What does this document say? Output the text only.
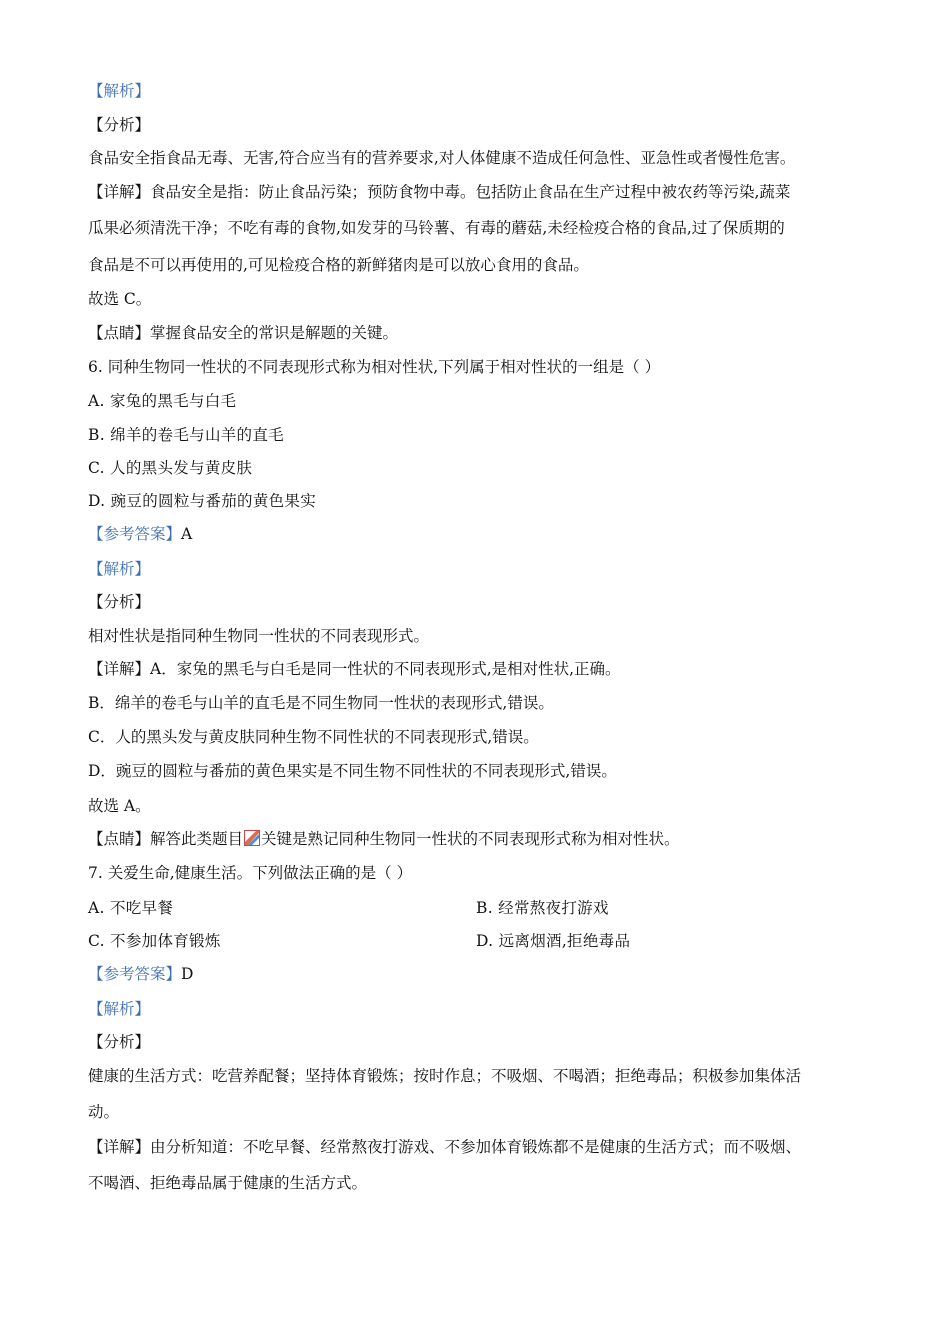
【解析】
【分析】
食品安全指食品无毒、无害,符合应当有的营养要求,对人体健康不造成任何急性、亚急性或者慢性危害。
【详解】食品安全是指：防止食品污染；预防食物中毒。包括防止食品在生产过程中被农药等污染,蔬菜
瓜果必须清洗干净；不吃有毒的食物,如发芽的马铃薯、有毒的蘑菇,未经检疫合格的食品,过了保质期的
食品是不可以再使用的,可见检疫合格的新鲜猪肉是可以放心食用的食品。
故选 C。
【点睛】掌握食品安全的常识是解题的关键。
6. 同种生物同一性状的不同表现形式称为相对性状,下列属于相对性状的一组是（ ）
A. 家兔的黑毛与白毛
B. 绵羊的卷毛与山羊的直毛
C. 人的黑头发与黄皮肤
D. 豌豆的圆粒与番茄的黄色果实
【参考答案】A
【解析】
【分析】
相对性状是指同种生物同一性状的不同表现形式。
【详解】A．家兔的黑毛与白毛是同一性状的不同表现形式,是相对性状,正确。
B．绵羊的卷毛与山羊的直毛是不同生物同一性状的表现形式,错误。
C．人的黑头发与黄皮肤同种生物不同性状的不同表现形式,错误。
D．豌豆的圆粒与番茄的黄色果实是不同生物不同性状的不同表现形式,错误。
故选 A。
【点睛】解答此类题目 关键是熟记同种生物同一性状的不同表现形式称为相对性状。
7. 关爱生命,健康生活。下列做法正确的是（ ）
A. 不吃早餐	B. 经常熬夜打游戏
C. 不参加体育锻炼	D. 远离烟酒,拒绝毒品
【参考答案】D
【解析】
【分析】
健康的生活方式：吃营养配餐；坚持体育锻炼；按时作息；不吸烟、不喝酒；拒绝毒品；积极参加集体活
动。
【详解】由分析知道：不吃早餐、经常熬夜打游戏、不参加体育锻炼都不是健康的生活方式；而不吸烟、
不喝酒、拒绝毒品属于健康的生活方式。
